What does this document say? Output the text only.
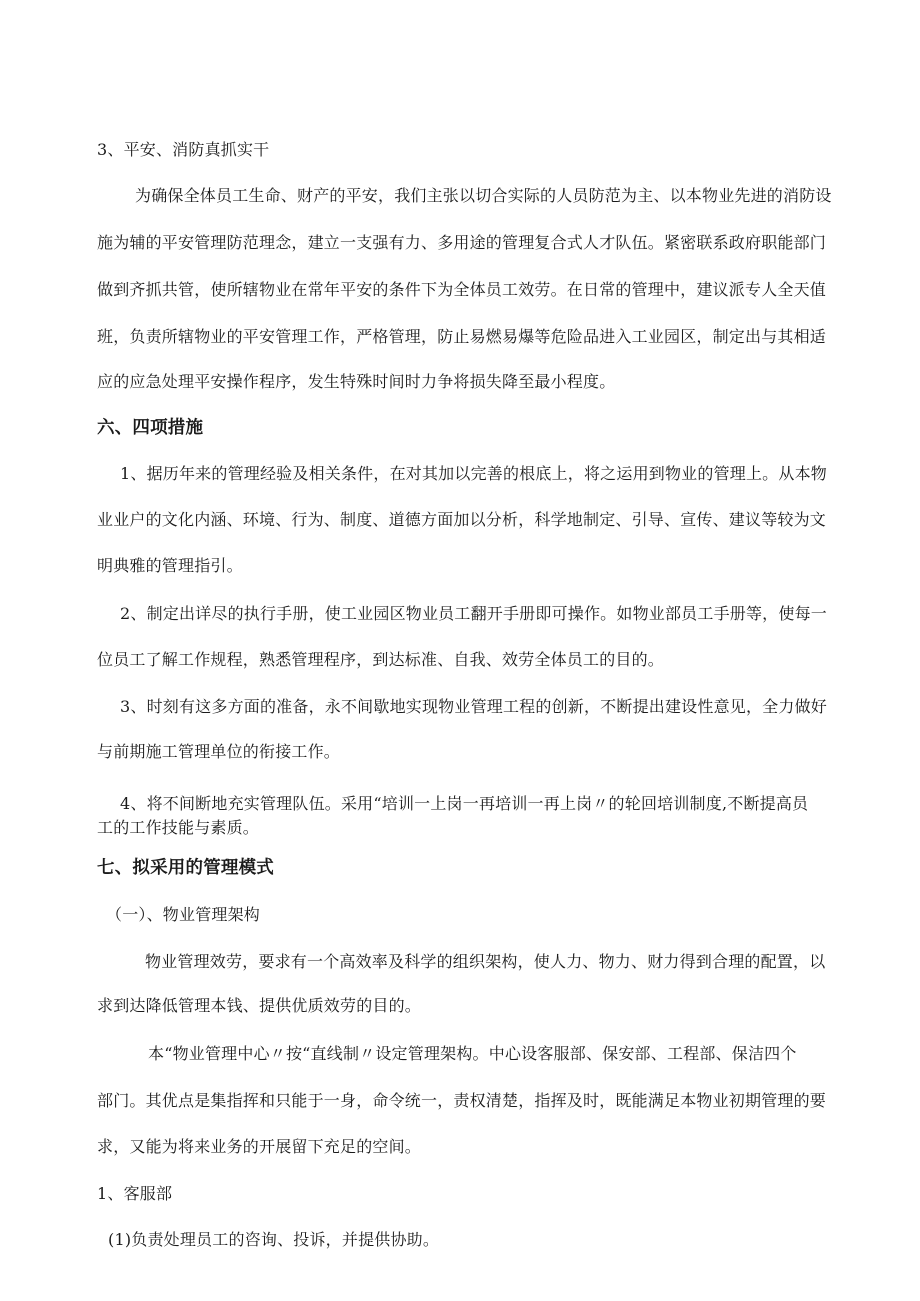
3、平安、消防真抓实干
为确保全体员工生命、财产的平安，我们主张以切合实际的人员防范为主、以本物业先进的消防设
施为辅的平安管理防范理念，建立一支强有力、多用途的管理复合式人才队伍。紧密联系政府职能部门
做到齐抓共管，使所辖物业在常年平安的条件下为全体员工效劳。在日常的管理中，建议派专人全天值
班，负责所辖物业的平安管理工作，严格管理，防止易燃易爆等危险品进入工业园区，制定出与其相适
应的应急处理平安操作程序，发生特殊时间时力争将损失降至最小程度。
六、四项措施
1、据历年来的管理经验及相关条件，在对其加以完善的根底上，将之运用到物业的管理上。从本物
业业户的文化内涵、环境、行为、制度、道德方面加以分析，科学地制定、引导、宣传、建议等较为文
明典雅的管理指引。
2、制定出详尽的执行手册，使工业园区物业员工翻开手册即可操作。如物业部员工手册等，使每一
位员工了解工作规程，熟悉管理程序，到达标准、自我、效劳全体员工的目的。
3、时刻有这多方面的准备，永不间歇地实现物业管理工程的创新，不断提出建设性意见，全力做好
与前期施工管理单位的衔接工作。
4、将不间断地充实管理队伍。采用“培训一上岗一再培训一再上岗〃的轮回培训制度,不断提高员
工的工作技能与素质。
七、拟采用的管理模式
（一）、物业管理架构
物业管理效劳，要求有一个高效率及科学的组织架构，使人力、物力、财力得到合理的配置，以
求到达降低管理本钱、提供优质效劳的目的。
本“物业管理中心〃按“直线制〃设定管理架构。中心设客服部、保安部、工程部、保洁四个
部门。其优点是集指挥和只能于一身，命令统一，责权清楚，指挥及时，既能满足本物业初期管理的要
求，又能为将来业务的开展留下充足的空间。
1、客服部
(1)负责处理员工的咨询、投诉，并提供协助。
